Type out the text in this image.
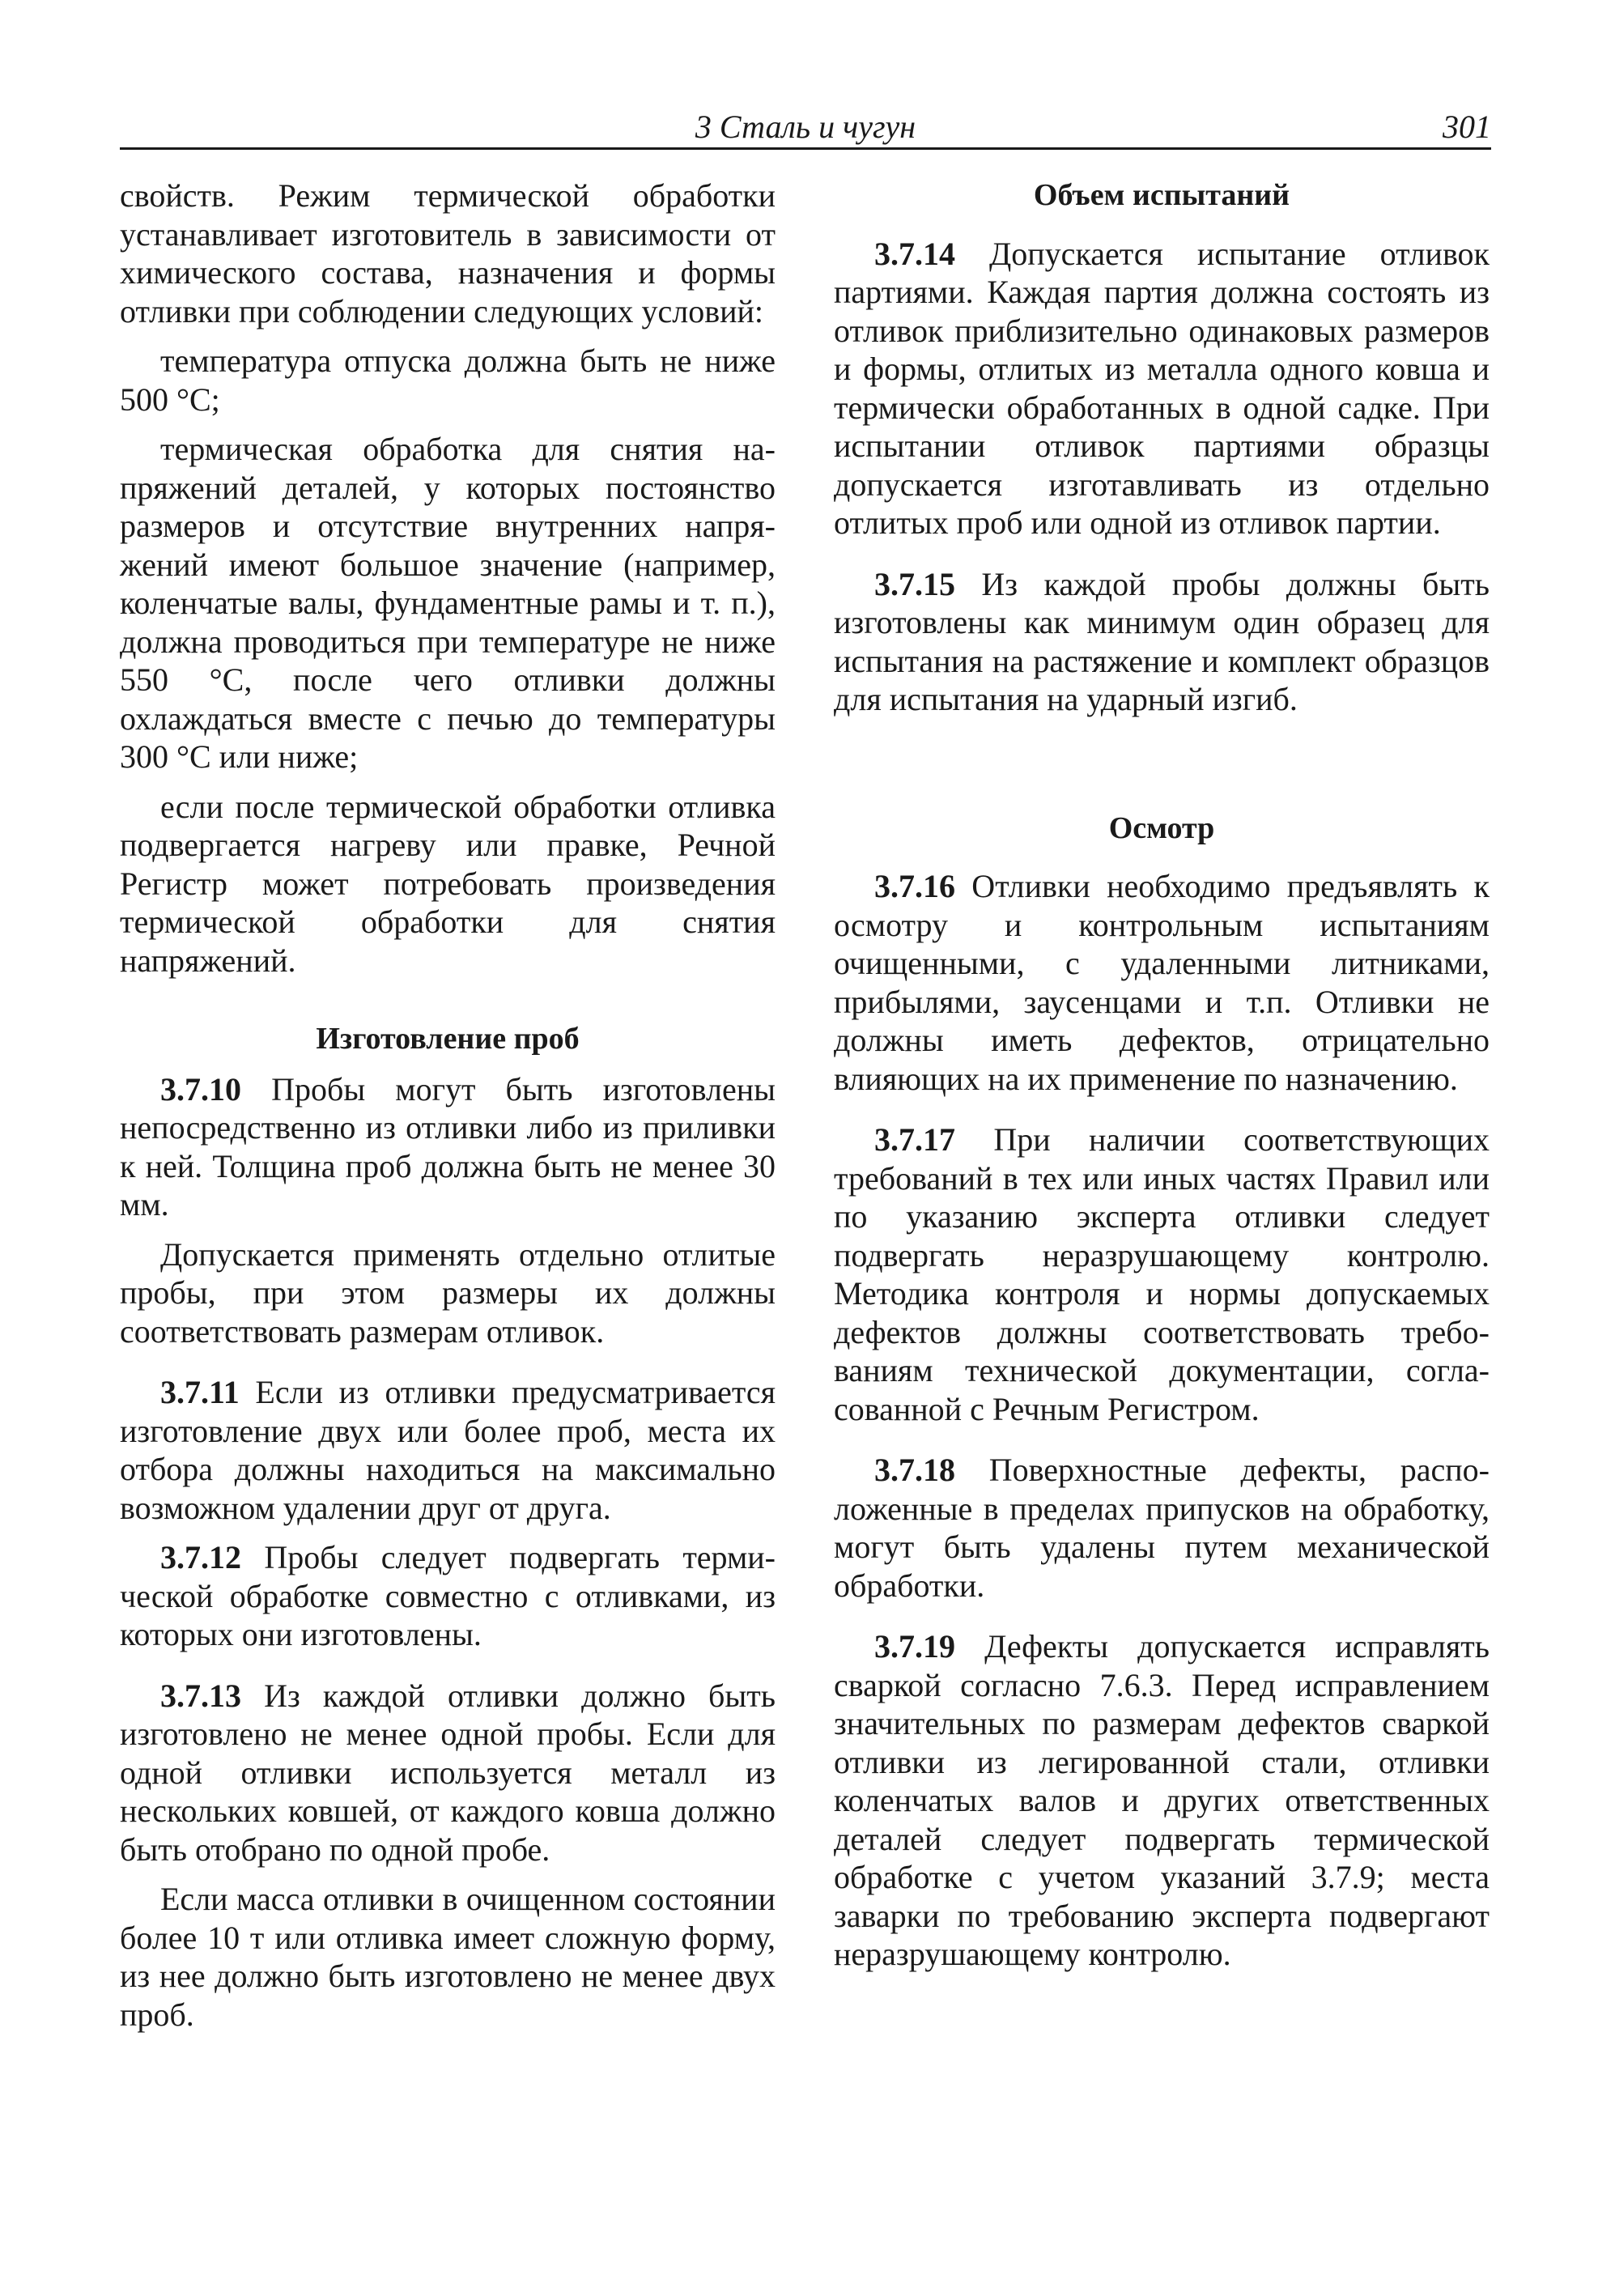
3 Сталь и чугун	301

свойств. Режим термической обработки устанавливает изготовитель в зависимости от химического состава, назначения и формы отливки при соблюдении следующих условий:

температура отпуска должна быть не ниже 500 °С;

термическая обработка для снятия напряжений деталей, у которых постоянство размеров и отсутствие внутренних напряжений имеют большое значение (например, коленчатые валы, фундаментные рамы и т. п.), должна проводиться при температуре не ниже 550 °С, после чего отливки должны охлаждаться вместе с печью до температуры 300 °С или ниже;

если после термической обработки отливка подвергается нагреву или правке, Речной Регистр может потребовать произведения термической обработки для снятия напряжений.

Изготовление проб

3.7.10 Пробы могут быть изготовлены непосредственно из отливки либо из приливки к ней. Толщина проб должна быть не менее 30 мм.

Допускается применять отдельно отлитые пробы, при этом размеры их должны соответствовать размерам отливок.

3.7.11 Если из отливки предусматривается изготовление двух или более проб, места их отбора должны находиться на максимально возможном удалении друг от друга.

3.7.12 Пробы следует подвергать термической обработке совместно с отливками, из которых они изготовлены.

3.7.13 Из каждой отливки должно быть изготовлено не менее одной пробы. Если для одной отливки используется металл из нескольких ковшей, от каждого ковша должно быть отобрано по одной пробе.

Если масса отливки в очищенном состоянии более 10 т или отливка имеет сложную форму, из нее должно быть изготовлено не менее двух проб.

Объем испытаний

3.7.14 Допускается испытание отливок партиями. Каждая партия должна состоять из отливок приблизительно одинаковых размеров и формы, отлитых из металла одного ковша и термически обработанных в одной садке. При испытании отливок партиями образцы допускается изготавливать из отдельно отлитых проб или одной из отливок партии.

3.7.15 Из каждой пробы должны быть изготовлены как минимум один образец для испытания на растяжение и комплект образцов для испытания на ударный изгиб.

Осмотр

3.7.16 Отливки необходимо предъявлять к осмотру и контрольным испытаниям очищенными, с удаленными литниками, прибылями, заусенцами и т.п. Отливки не должны иметь дефектов, отрицательно влияющих на их применение по назначению.

3.7.17 При наличии соответствующих требований в тех или иных частях Правил или по указанию эксперта отливки следует подвергать неразрушающему контролю. Методика контроля и нормы допускаемых дефектов должны соответствовать требованиям технической документации, согласованной с Речным Регистром.

3.7.18 Поверхностные дефекты, расположенные в пределах припусков на обработку, могут быть удалены путем механической обработки.

3.7.19 Дефекты допускается исправлять сваркой согласно 7.6.3. Перед исправлением значительных по размерам дефектов сваркой отливки из легированной стали, отливки коленчатых валов и других ответственных деталей следует подвергать термической обработке с учетом указаний 3.7.9; места заварки по требованию эксперта подвергают неразрушающему контролю.
